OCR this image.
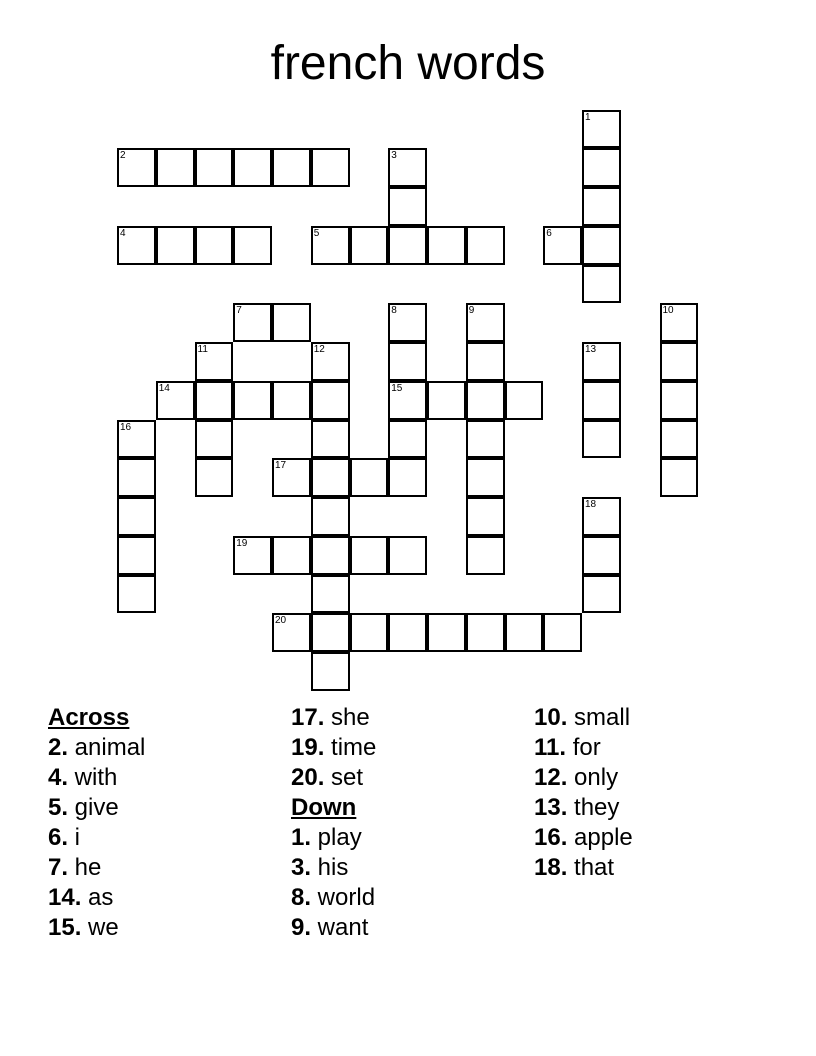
french words
1
2	3
4	5	6
7	8	9	10
11	12	13
14	15
16
17
18
19
20
Across
2. animal
4. with
5. give
6. i
7. he
14. as
15. we
17. she
19. time
20. set
Down
1. play
3. his
8. world
9. want
10. small
11. for
12. only
13. they
16. apple
18. that
